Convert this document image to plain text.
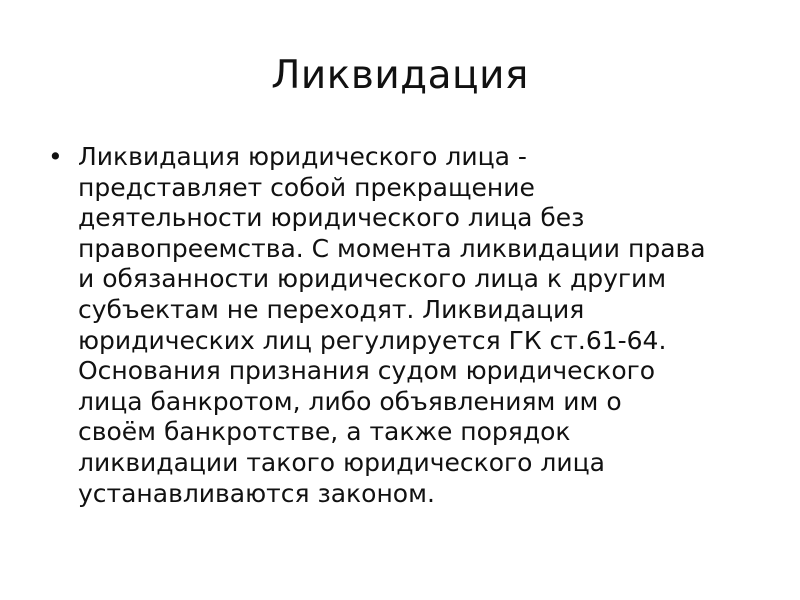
Ликвидация
• Ликвидация юридического лица -
представляет собой прекращение
деятельности юридического лица без
правопреемства. С момента ликвидации права
и обязанности юридического лица к другим
субъектам не переходят. Ликвидация
юридических лиц регулируется ГК ст.61-64.
Основания признания судом юридического
лица банкротом, либо объявлениям им о
своём банкротстве, а также порядок
ликвидации такого юридического лица
устанавливаются законом.
